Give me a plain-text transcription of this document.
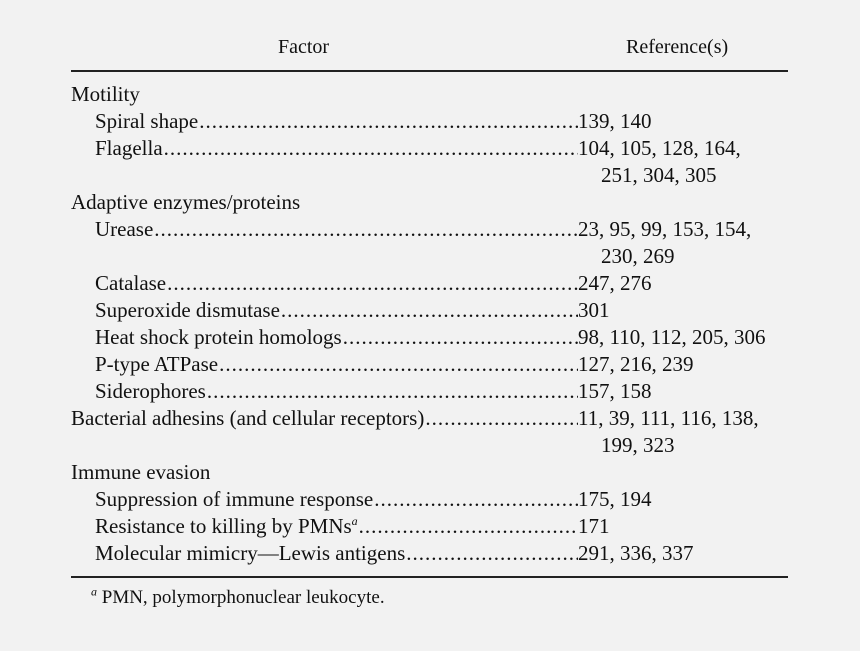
Factor	Reference(s)
Motility
Spiral shape .....	139, 140
Flagella .....	104, 105, 128, 164,
251, 304, 305
Adaptive enzymes/proteins
Urease .....	23, 95, 99, 153, 154,
230, 269
Catalase .....	247, 276
Superoxide dismutase .....	301
Heat shock protein homologs .....	98, 110, 112, 205, 306
P-type ATPase .....	127, 216, 239
Siderophores .....	157, 158
Bacterial adhesins (and cellular receptors) .....	11, 39, 111, 116, 138,
199, 323
Immune evasion
Suppression of immune response .....	175, 194
Resistance to killing by PMNs$^a$ .....	171
Molecular mimicry—Lewis antigens .....	291, 336, 337
$^a$ PMN, polymorphonuclear leukocyte.
